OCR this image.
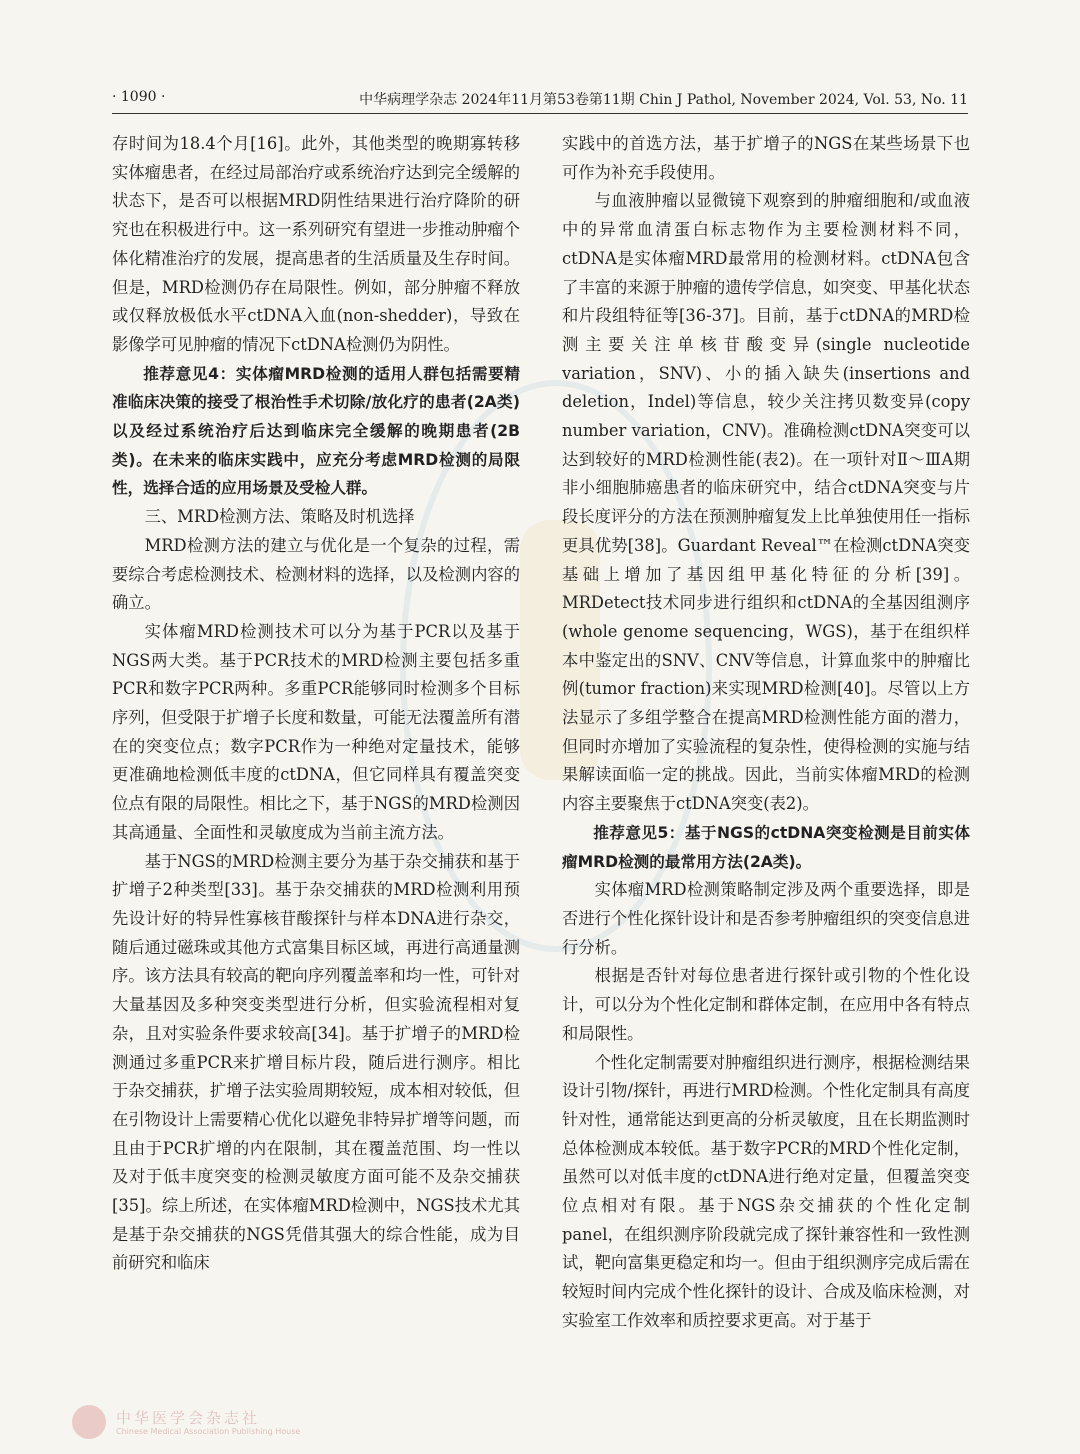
· 1090 ·	中华病理学杂志 2024年11月第53卷第11期 Chin J Pathol, November 2024, Vol. 53, No. 11

存时间为18.4个月[16]。此外，其他类型的晚期寡转移实体瘤患者，在经过局部治疗或系统治疗达到完全缓解的状态下，是否可以根据MRD阴性结果进行治疗降阶的研究也在积极进行中。这一系列研究有望进一步推动肿瘤个体化精准治疗的发展，提高患者的生活质量及生存时间。但是，MRD检测仍存在局限性。例如，部分肿瘤不释放或仅释放极低水平ctDNA入血(non-shedder)，导致在影像学可见肿瘤的情况下ctDNA检测仍为阴性。

推荐意见4：实体瘤MRD检测的适用人群包括需要精准临床决策的接受了根治性手术切除/放化疗的患者(2A类)以及经过系统治疗后达到临床完全缓解的晚期患者(2B类)。在未来的临床实践中，应充分考虑MRD检测的局限性，选择合适的应用场景及受检人群。

三、MRD检测方法、策略及时机选择

MRD检测方法的建立与优化是一个复杂的过程，需要综合考虑检测技术、检测材料的选择，以及检测内容的确立。

实体瘤MRD检测技术可以分为基于PCR以及基于NGS两大类。基于PCR技术的MRD检测主要包括多重PCR和数字PCR两种。多重PCR能够同时检测多个目标序列，但受限于扩增子长度和数量，可能无法覆盖所有潜在的突变位点；数字PCR作为一种绝对定量技术，能够更准确地检测低丰度的ctDNA，但它同样具有覆盖突变位点有限的局限性。相比之下，基于NGS的MRD检测因其高通量、全面性和灵敏度成为当前主流方法。

基于NGS的MRD检测主要分为基于杂交捕获和基于扩增子2种类型[33]。基于杂交捕获的MRD检测利用预先设计好的特异性寡核苷酸探针与样本DNA进行杂交，随后通过磁珠或其他方式富集目标区域，再进行高通量测序。该方法具有较高的靶向序列覆盖率和均一性，可针对大量基因及多种突变类型进行分析，但实验流程相对复杂，且对实验条件要求较高[34]。基于扩增子的MRD检测通过多重PCR来扩增目标片段，随后进行测序。相比于杂交捕获，扩增子法实验周期较短，成本相对较低，但在引物设计上需要精心优化以避免非特异扩增等问题，而且由于PCR扩增的内在限制，其在覆盖范围、均一性以及对于低丰度突变的检测灵敏度方面可能不及杂交捕获[35]。综上所述，在实体瘤MRD检测中，NGS技术尤其是基于杂交捕获的NGS凭借其强大的综合性能，成为目前研究和临床

实践中的首选方法，基于扩增子的NGS在某些场景下也可作为补充手段使用。

与血液肿瘤以显微镜下观察到的肿瘤细胞和/或血液中的异常血清蛋白标志物作为主要检测材料不同，ctDNA是实体瘤MRD最常用的检测材料。ctDNA包含了丰富的来源于肿瘤的遗传学信息，如突变、甲基化状态和片段组特征等[36-37]。目前，基于ctDNA的MRD检测主要关注单核苷酸变异(single nucleotide variation，SNV)、小的插入缺失(insertions and deletion，Indel)等信息，较少关注拷贝数变异(copy number variation，CNV)。准确检测ctDNA突变可以达到较好的MRD检测性能(表2)。在一项针对Ⅱ～ⅢA期非小细胞肺癌患者的临床研究中，结合ctDNA突变与片段长度评分的方法在预测肿瘤复发上比单独使用任一指标更具优势[38]。Guardant Reveal™在检测ctDNA突变基础上增加了基因组甲基化特征的分析[39]。MRDetect技术同步进行组织和ctDNA的全基因组测序(whole genome sequencing，WGS)，基于在组织样本中鉴定出的SNV、CNV等信息，计算血浆中的肿瘤比例(tumor fraction)来实现MRD检测[40]。尽管以上方法显示了多组学整合在提高MRD检测性能方面的潜力，但同时亦增加了实验流程的复杂性，使得检测的实施与结果解读面临一定的挑战。因此，当前实体瘤MRD的检测内容主要聚焦于ctDNA突变(表2)。

推荐意见5：基于NGS的ctDNA突变检测是目前实体瘤MRD检测的最常用方法(2A类)。

实体瘤MRD检测策略制定涉及两个重要选择，即是否进行个性化探针设计和是否参考肿瘤组织的突变信息进行分析。

根据是否针对每位患者进行探针或引物的个性化设计，可以分为个性化定制和群体定制，在应用中各有特点和局限性。

个性化定制需要对肿瘤组织进行测序，根据检测结果设计引物/探针，再进行MRD检测。个性化定制具有高度针对性，通常能达到更高的分析灵敏度，且在长期监测时总体检测成本较低。基于数字PCR的MRD个性化定制，虽然可以对低丰度的ctDNA进行绝对定量，但覆盖突变位点相对有限。基于NGS杂交捕获的个性化定制panel，在组织测序阶段就完成了探针兼容性和一致性测试，靶向富集更稳定和均一。但由于组织测序完成后需在较短时间内完成个性化探针的设计、合成及临床检测，对实验室工作效率和质控要求更高。对于基于

中华医学会杂志社
Chinese Medical Association Publishing House
